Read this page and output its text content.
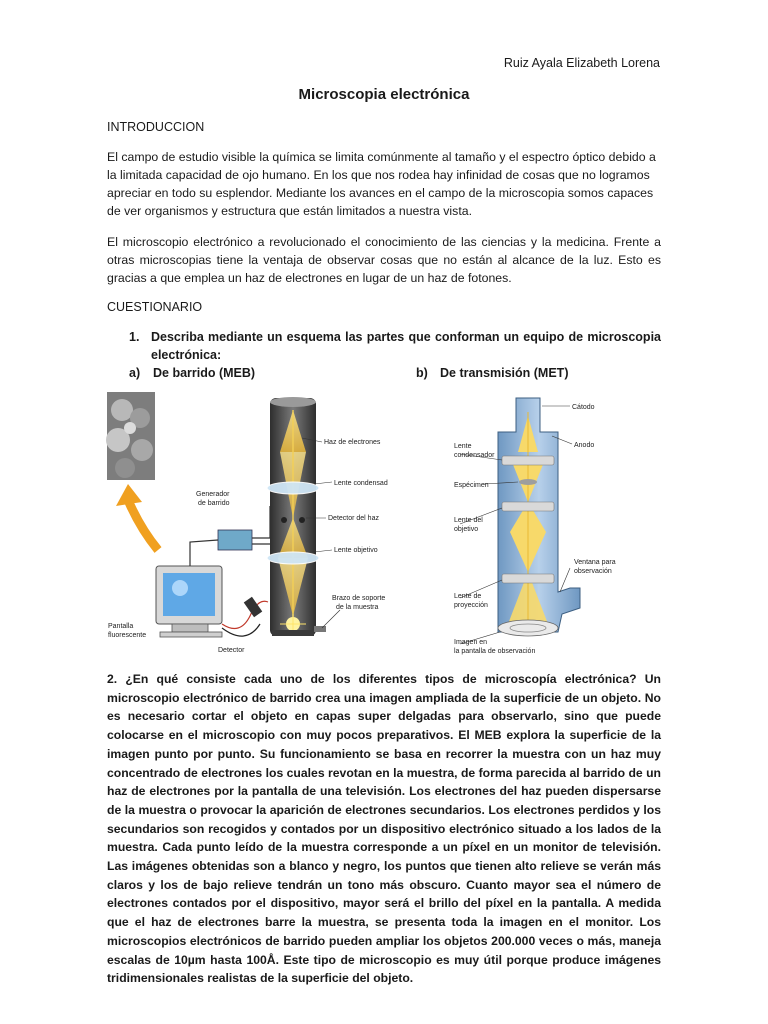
Ruiz Ayala Elizabeth Lorena
Microscopia electrónica
INTRODUCCION

El campo de estudio visible la química se limita comúnmente al tamaño y el espectro óptico debido a la limitada capacidad de ojo humano. En los que nos rodea hay infinidad de cosas que no logramos apreciar en todo su esplendor. Mediante los avances en el campo de la microscopia somos capaces de ver organismos y estructura que están limitados a nuestra vista.

El microscopio electrónico a revolucionado el conocimiento de las ciencias y la medicina. Frente a otras microscopias tiene la ventaja de observar cosas que no están al alcance de la luz. Esto es gracias a que emplea un haz de electrones en lugar de un haz de fotones.

CUESTIONARIO
1. Describa mediante un esquema las partes que conforman un equipo de microscopia electrónica:
a) De barrido (MEB)	b) De transmisión (MET)
Haz de electrones
Lente condensad
Detector del haz
Lente objetivo
Brazo de soporte
de la muestra
Generador
de barrido
Pantalla
fluorescente
Detector
Cátodo
Anodo
Lente
condensador
Espécimen
Lente del
objetivo
Ventana para
observación
Lente de
proyección
Imagen en
la pantalla de observación

2. ¿En qué consiste cada uno de los diferentes tipos de microscopía electrónica? Un microscopio electrónico de barrido crea una imagen ampliada de la superficie de un objeto. No es necesario cortar el objeto en capas super delgadas para observarlo, sino que puede colocarse en el microscopio con muy pocos preparativos. El MEB explora la superficie de la imagen punto por punto. Su funcionamiento se basa en recorrer la muestra con un haz muy concentrado de electrones los cuales revotan en la muestra, de forma parecida al barrido de un haz de electrones por la pantalla de una televisión. Los electrones del haz pueden dispersarse de la muestra o provocar la aparición de electrones secundarios. Los electrones perdidos y los secundarios son recogidos y contados por un dispositivo electrónico situado a los lados de la muestra. Cada punto leído de la muestra corresponde a un píxel en un monitor de televisión. Las imágenes obtenidas son a blanco y negro, los puntos que tienen alto relieve se verán más claros y los de bajo relieve tendrán un tono más obscuro. Cuanto mayor sea el número de electrones contados por el dispositivo, mayor será el brillo del píxel en la pantalla. A medida que el haz de electrones barre la muestra, se presenta toda la imagen en el monitor. Los microscopios electrónicos de barrido pueden ampliar los objetos 200.000 veces o más, maneja escalas de 10µm hasta 100Å. Este tipo de microscopio es muy útil porque produce imágenes tridimensionales realistas de la superficie del objeto.
